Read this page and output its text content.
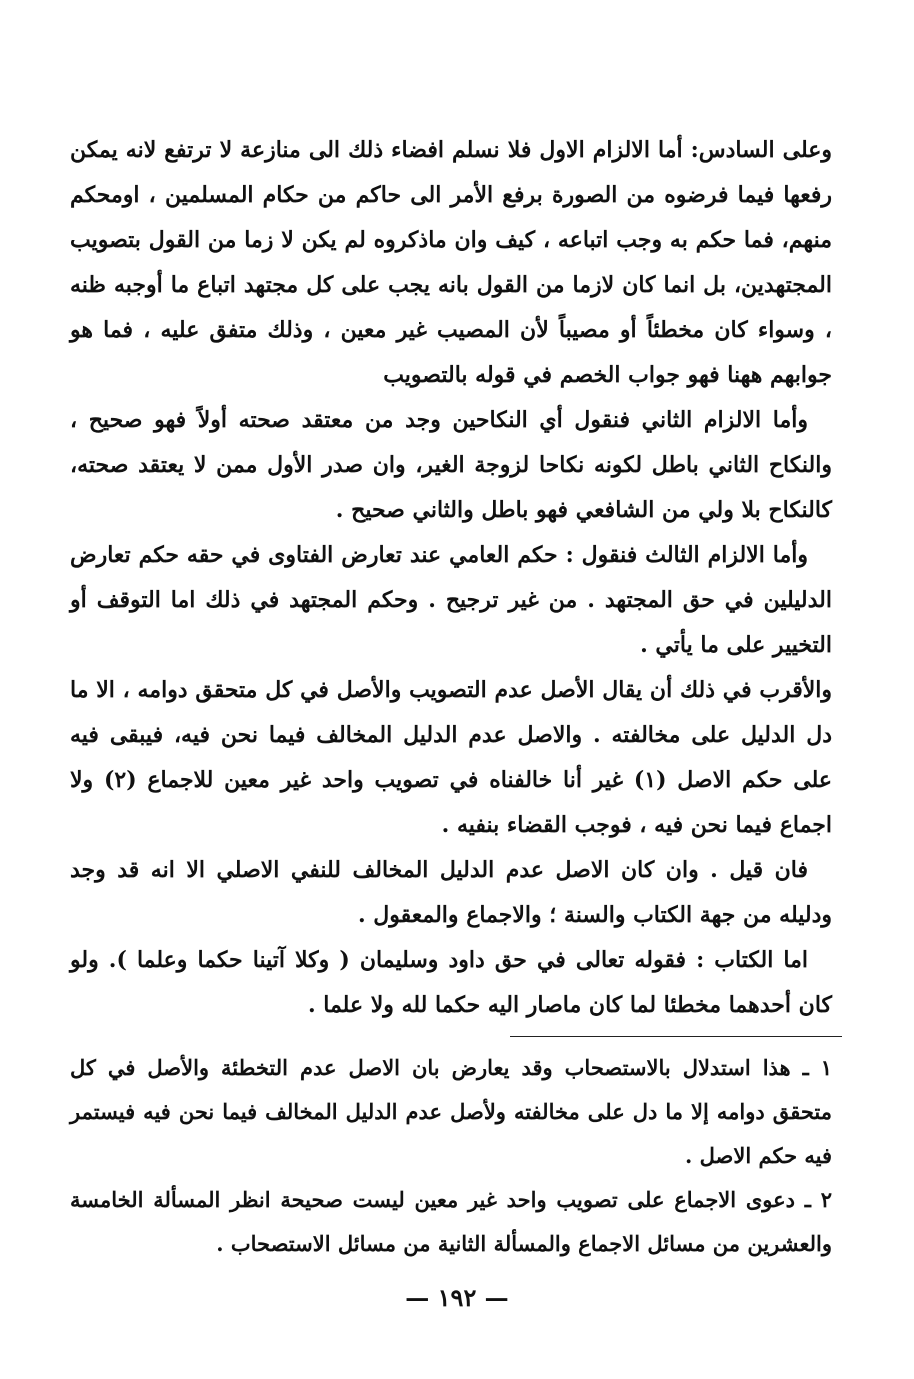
وعلى السادس: أما الالزام الاول فلا نسلم افضاء ذلك الى منازعة لا ترتفع لانه يمكن رفعها فيما فرضوه من الصورة برفع الأمر الى حاكم من حكام المسلمين ، اومحكم منهم، فما حكم به وجب اتباعه ، كيف وان ماذكروه لم يكن لا زما من القول بتصويب المجتهدين، بل انما كان لازما من القول بانه يجب على كل مجتهد اتباع ما أوجبه ظنه ، وسواء كان مخطئاً أو مصيباً لأن المصيب غير معين ، وذلك متفق عليه ، فما هو جوابهم ههنا فهو جواب الخصم في قوله بالتصويب

وأما الالزام الثاني فنقول أي النكاحين وجد من معتقد صحته أولاً فهو صحيح ، والنكاح الثاني باطل لكونه نكاحا لزوجة الغير، وان صدر الأول ممن لا يعتقد صحته، كالنكاح بلا ولي من الشافعي فهو باطل والثاني صحيح .

وأما الالزام الثالث فنقول : حكم العامي عند تعارض الفتاوى في حقه حكم تعارض الدليلين في حق المجتهد . من غير ترجيح . وحكم المجتهد في ذلك اما التوقف أو التخيير على ما يأتي .

والأقرب في ذلك أن يقال الأصل عدم التصويب والأصل في كل متحقق دوامه ، الا ما دل الدليل على مخالفته . والاصل عدم الدليل المخالف فيما نحن فيه، فيبقى فيه على حكم الاصل (١) غير أنا خالفناه في تصويب واحد غير معين للاجماع (٢) ولا اجماع فيما نحن فيه ، فوجب القضاء بنفيه .

فان قيل . وان كان الاصل عدم الدليل المخالف للنفي الاصلي الا انه قد وجد ودليله من جهة الكتاب والسنة ؛ والاجماع والمعقول .

اما الكتاب : فقوله تعالى في حق داود وسليمان ( وكلا آتينا حكما وعلما ). ولو كان أحدهما مخطئا لما كان ماصار اليه حكما لله ولا علما .

١ ـ هذا استدلال بالاستصحاب وقد يعارض بان الاصل عدم التخطئة والأصل في كل متحقق دوامه إلا ما دل على مخالفته ولأصل عدم الدليل المخالف فيما نحن فيه فيستمر فيه حكم الاصل .

٢ ـ دعوى الاجماع على تصويب واحد غير معين ليست صحيحة انظر المسألة الخامسة والعشرين من مسائل الاجماع والمسألة الثانية من مسائل الاستصحاب .

— ١٩٢ —
